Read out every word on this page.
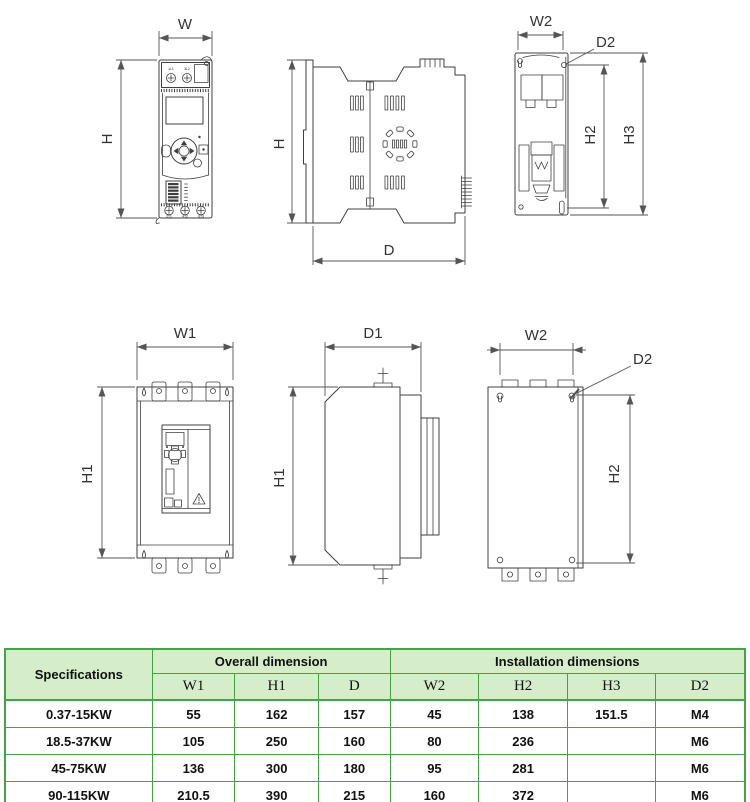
W
H
1L1	3L2
2T1	4T2	6T3
H
D
W2
D2
H2 H3
W1
H1
D1
H1
W2
D2
H2
Specifications	Overall dimension			Installation dimensions			
	W1	H1	D	W2	H2	H3	D2
0.37-15KW	55	162	157	45	138	151.5	M4
18.5-37KW	105	250	160	80	236		M6
45-75KW	136	300	180	95	281		M6
90-115KW	210.5	390	215	160	372		M6
